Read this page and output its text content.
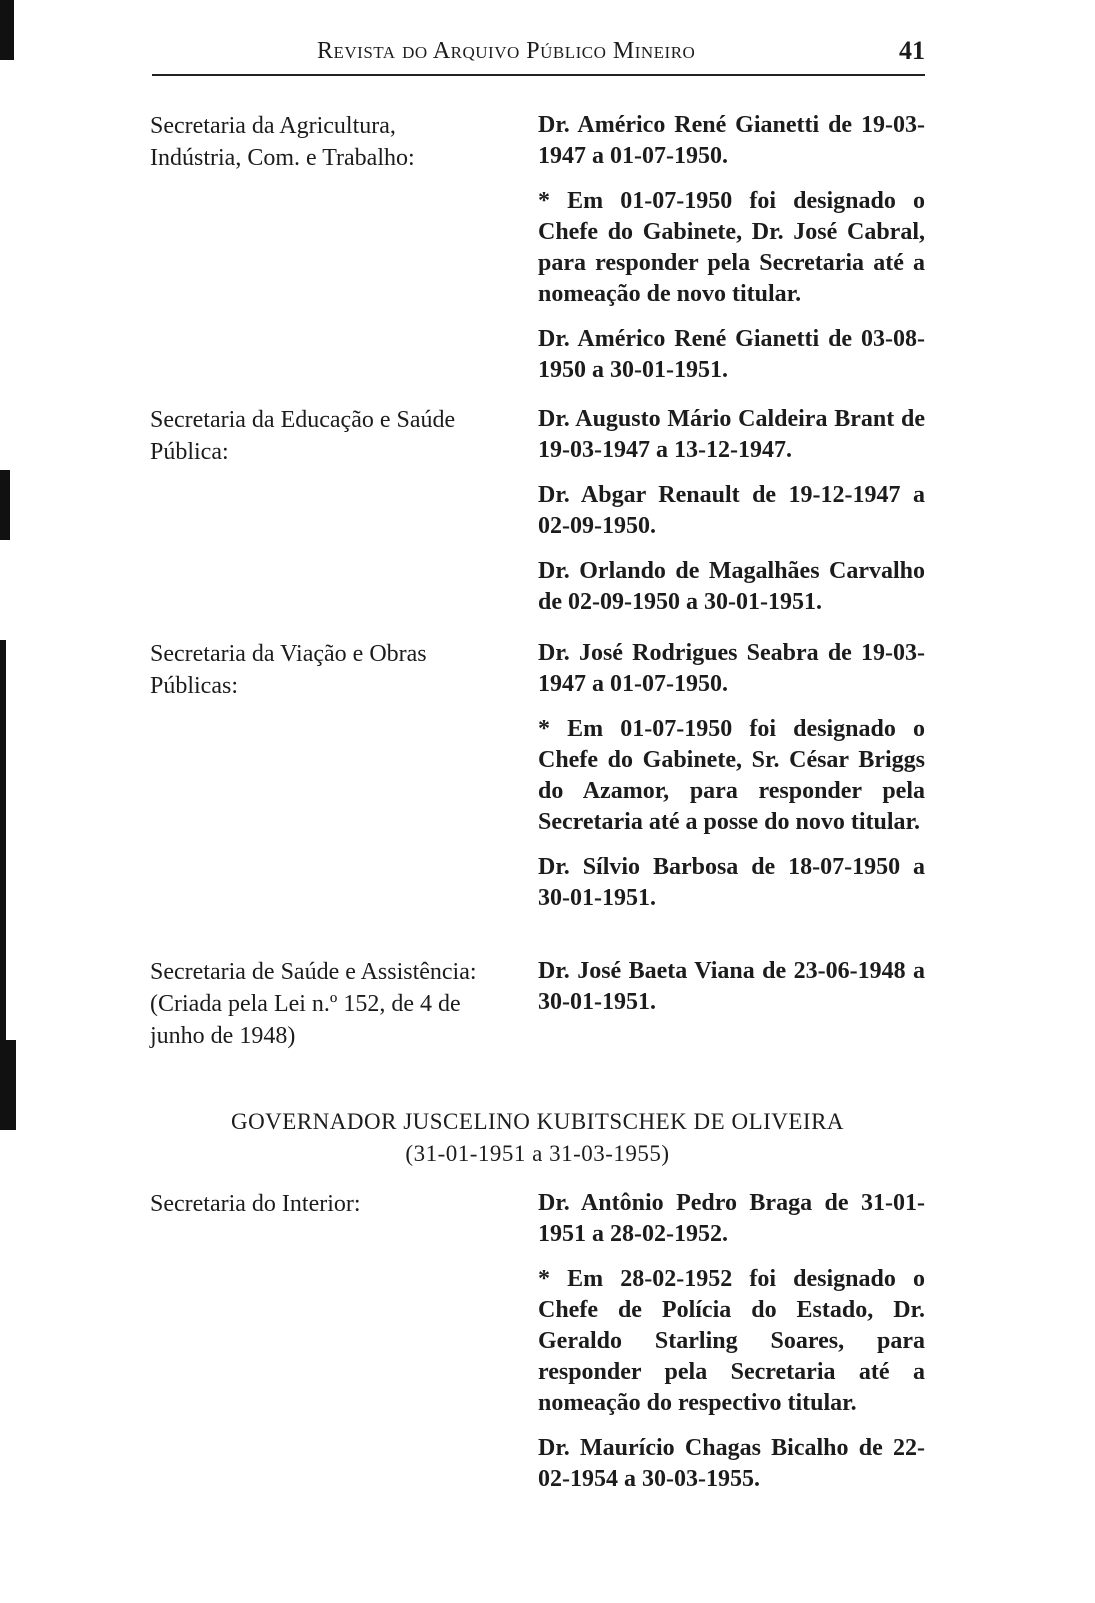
Revista do Arquivo Público Mineiro	41
Secretaria da Agricultura, Indústria, Com. e Trabalho:

Dr. Américo René Gianetti de 19-03-1947 a 01-07-1950.

* Em 01-07-1950 foi designado o Chefe do Gabinete, Dr. José Cabral, para responder pela Secretaria até a nomeação de novo titular.

Dr. Américo René Gianetti de 03-08-1950 a 30-01-1951.

Secretaria da Educação e Saúde Pública:

Dr. Augusto Mário Caldeira Brant de 19-03-1947 a 13-12-1947.

Dr. Abgar Renault de 19-12-1947 a 02-09-1950.

Dr. Orlando de Magalhães Carvalho de 02-09-1950 a 30-01-1951.

Secretaria da Viação e Obras Públicas:

Dr. José Rodrigues Seabra de 19-03-1947 a 01-07-1950.

* Em 01-07-1950 foi designado o Chefe do Gabinete, Sr. César Briggs do Azamor, para responder pela Secretaria até a posse do novo titular.

Dr. Sílvio Barbosa de 18-07-1950 a 30-01-1951.

Secretaria de Saúde e Assistência:
(Criada pela Lei n.º 152, de 4 de junho de 1948)

Dr. José Baeta Viana de 23-06-1948 a 30-01-1951.

GOVERNADOR JUSCELINO KUBITSCHEK DE OLIVEIRA
(31-01-1951 a 31-03-1955)
Secretaria do Interior:	Dr. Antônio Pedro Braga de 31-01-1951 a 28-02-1952.

* Em 28-02-1952 foi designado o Chefe de Polícia do Estado, Dr. Geraldo Starling Soares, para responder pela Secretaria até a nomeação do respectivo titular.

Dr. Maurício Chagas Bicalho de 22-02-1954 a 30-03-1955.
